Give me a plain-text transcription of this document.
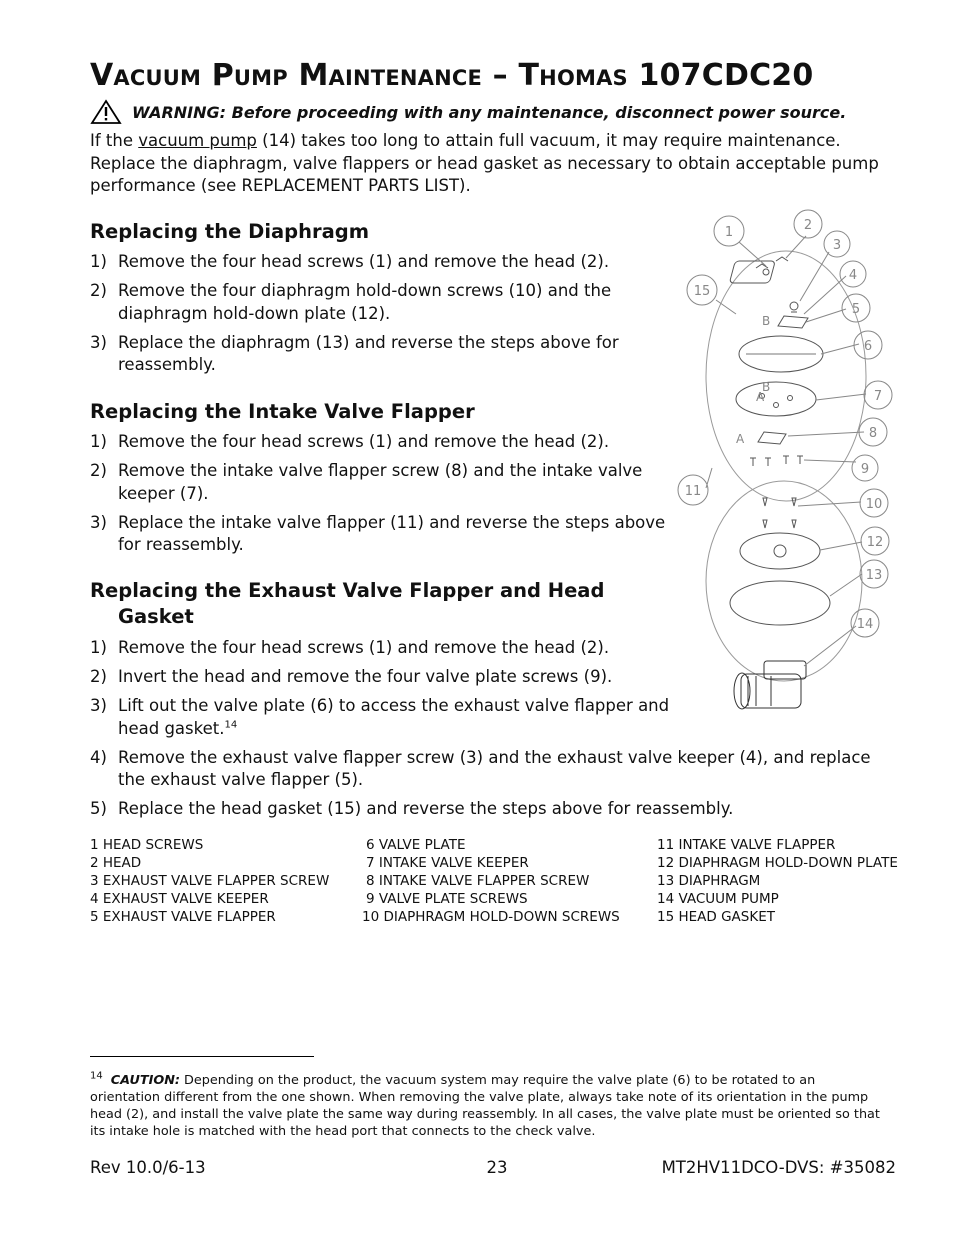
Vacuum Pump Maintenance – Thomas 107CDC20
WARNING: Before proceeding with any maintenance, disconnect power source.

If the vacuum pump (14) takes too long to attain full vacuum, it may require maintenance. Replace the diaphragm, valve flappers or head gasket as necessary to obtain acceptable pump performance (see REPLACEMENT PARTS LIST).

Replacing the Diaphragm
1) Remove the four head screws (1) and remove the head (2).
2) Remove the four diaphragm hold-down screws (10) and the diaphragm hold-down plate (12).
3) Replace the diaphragm (13) and reverse the steps above for reassembly.
Replacing the Intake Valve Flapper
1) Remove the four head screws (1) and remove the head (2).
2) Remove the intake valve flapper screw (8) and the intake valve keeper (7).
3) Replace the intake valve flapper (11) and reverse the steps above for reassembly.
Replacing the Exhaust Valve Flapper and Head
Gasket
1) Remove the four head screws (1) and remove the head (2).
2) Invert the head and remove the four valve plate screws (9).
3) Lift out the valve plate (6) to access the exhaust valve flapper and head gasket.$^{14}$
4) Remove the exhaust valve flapper screw (3) and the exhaust valve keeper (4), and replace the exhaust valve flapper (5).
5) Replace the head gasket (15) and reverse the steps above for reassembly.
1	2
3
4
5
6
7
8
9
10
11
12
13
14
15
B
B
A
A
1 HEAD SCREWS
2 HEAD
3 EXHAUST VALVE FLAPPER SCREW
4 EXHAUST VALVE KEEPER
5 EXHAUST VALVE FLAPPER
6 VALVE PLATE
7 INTAKE VALVE KEEPER
8 INTAKE VALVE FLAPPER SCREW
9 VALVE PLATE SCREWS
10 DIAPHRAGM HOLD-DOWN SCREWS
11 INTAKE VALVE FLAPPER
12 DIAPHRAGM HOLD-DOWN PLATE
13 DIAPHRAGM
14 VACUUM PUMP
15 HEAD GASKET

$^{14}$ CAUTION: Depending on the product, the vacuum system may require the valve plate (6) to be rotated to an orientation different from the one shown. When removing the valve plate, always take note of its orientation in the pump head (2), and install the valve plate the same way during reassembly. In all cases, the valve plate must be oriented so that its intake hole is matched with the head port that connects to the check valve.

Rev 10.0/6-13	23	MT2HV11DCO-DVS: #35082
